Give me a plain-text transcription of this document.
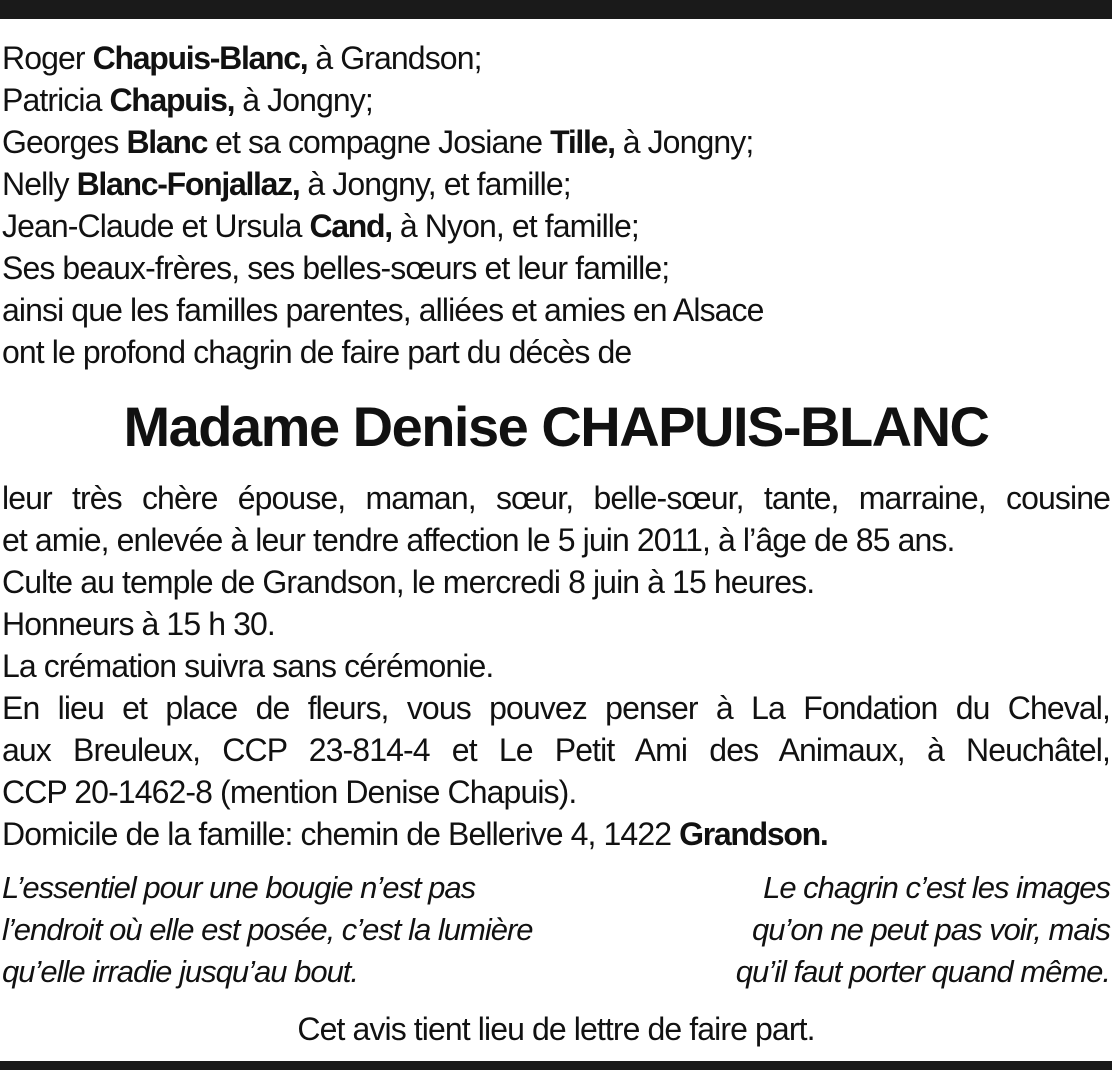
Roger Chapuis-Blanc, à Grandson;
Patricia Chapuis, à Jongny;
Georges Blanc et sa compagne Josiane Tille, à Jongny;
Nelly Blanc-Fonjallaz, à Jongny, et famille;
Jean-Claude et Ursula Cand, à Nyon, et famille;
Ses beaux-frères, ses belles-sœurs et leur famille;
ainsi que les familles parentes, alliées et amies en Alsace
ont le profond chagrin de faire part du décès de
Madame Denise CHAPUIS-BLANC
leur très chère épouse, maman, sœur, belle-sœur, tante, marraine, cousine
et amie, enlevée à leur tendre affection le 5 juin 2011, à l’âge de 85 ans.
Culte au temple de Grandson, le mercredi 8 juin à 15 heures.
Honneurs à 15 h 30.
La crémation suivra sans cérémonie.
En lieu et place de fleurs, vous pouvez penser à La Fondation du Cheval,
aux Breuleux, CCP 23-814-4 et Le Petit Ami des Animaux, à Neuchâtel,
CCP 20-1462-8 (mention Denise Chapuis).
Domicile de la famille: chemin de Bellerive 4, 1422 Grandson.
L’essentiel pour une bougie n’est pas
l’endroit où elle est posée, c’est la lumière
qu’elle irradie jusqu’au bout.
Le chagrin c’est les images
qu’on ne peut pas voir, mais
qu’il faut porter quand même.
Cet avis tient lieu de lettre de faire part.
